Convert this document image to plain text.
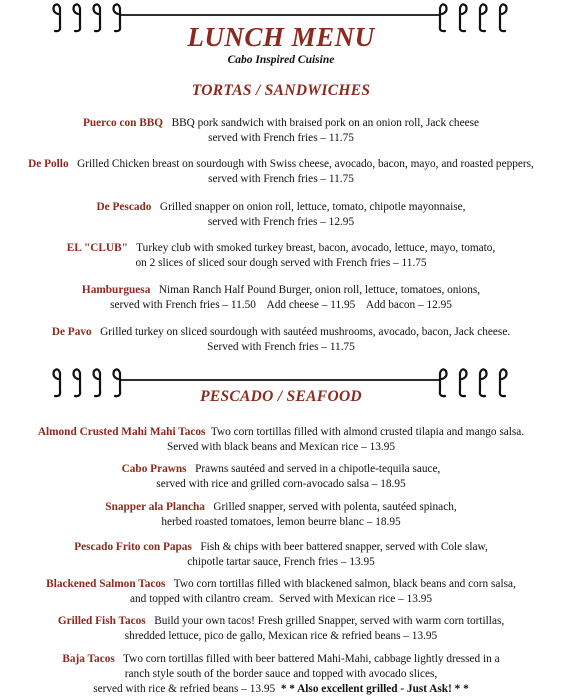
LUNCH MENU
Cabo Inspired Cuisine
TORTAS / SANDWICHES
Puerco con BBQ BBQ pork sandwich with braised pork on an onion roll, Jack cheese
served with French fries – 11.75
De Pollo Grilled Chicken breast on sourdough with Swiss cheese, avocado, bacon, mayo, and roasted peppers,
served with French fries – 11.75
De Pescado Grilled snapper on onion roll, lettuce, tomato, chipotle mayonnaise,
served with French fries – 12.95
EL "CLUB" Turkey club with smoked turkey breast, bacon, avocado, lettuce, mayo, tomato,
on 2 slices of sliced sour dough served with French fries – 11.75
Hamburguesa Niman Ranch Half Pound Burger, onion roll, lettuce, tomatoes, onions,
served with French fries – 11.50    Add cheese – 11.95    Add bacon – 12.95
De Pavo Grilled turkey on sliced sourdough with sautéed mushrooms, avocado, bacon, Jack cheese.
Served with French fries – 11.75
PESCADO / SEAFOOD
Almond Crusted Mahi Mahi Tacos Two corn tortillas filled with almond crusted tilapia and mango salsa.
Served with black beans and Mexican rice – 13.95
Cabo Prawns Prawns sautéed and served in a chipotle-tequila sauce,
served with rice and grilled corn-avocado salsa – 18.95
Snapper ala Plancha Grilled snapper, served with polenta, sautéed spinach,
herbed roasted tomatoes, lemon beurre blanc – 18.95
Pescado Frito con Papas Fish & chips with beer battered snapper, served with Cole slaw,
chipotle tartar sauce, French fries – 13.95
Blackened Salmon Tacos Two corn tortillas filled with blackened salmon, black beans and corn salsa,
and topped with cilantro cream.  Served with Mexican rice – 13.95
Grilled Fish Tacos Build your own tacos! Fresh grilled Snapper, served with warm corn tortillas,
shredded lettuce, pico de gallo, Mexican rice & refried beans – 13.95
Baja Tacos Two corn tortillas filled with beer battered Mahi-Mahi, cabbage lightly dressed in a
ranch style south of the border sauce and topped with avocado slices,
served with rice & refried beans – 13.95 * * Also excellent grilled - Just Ask! * *
